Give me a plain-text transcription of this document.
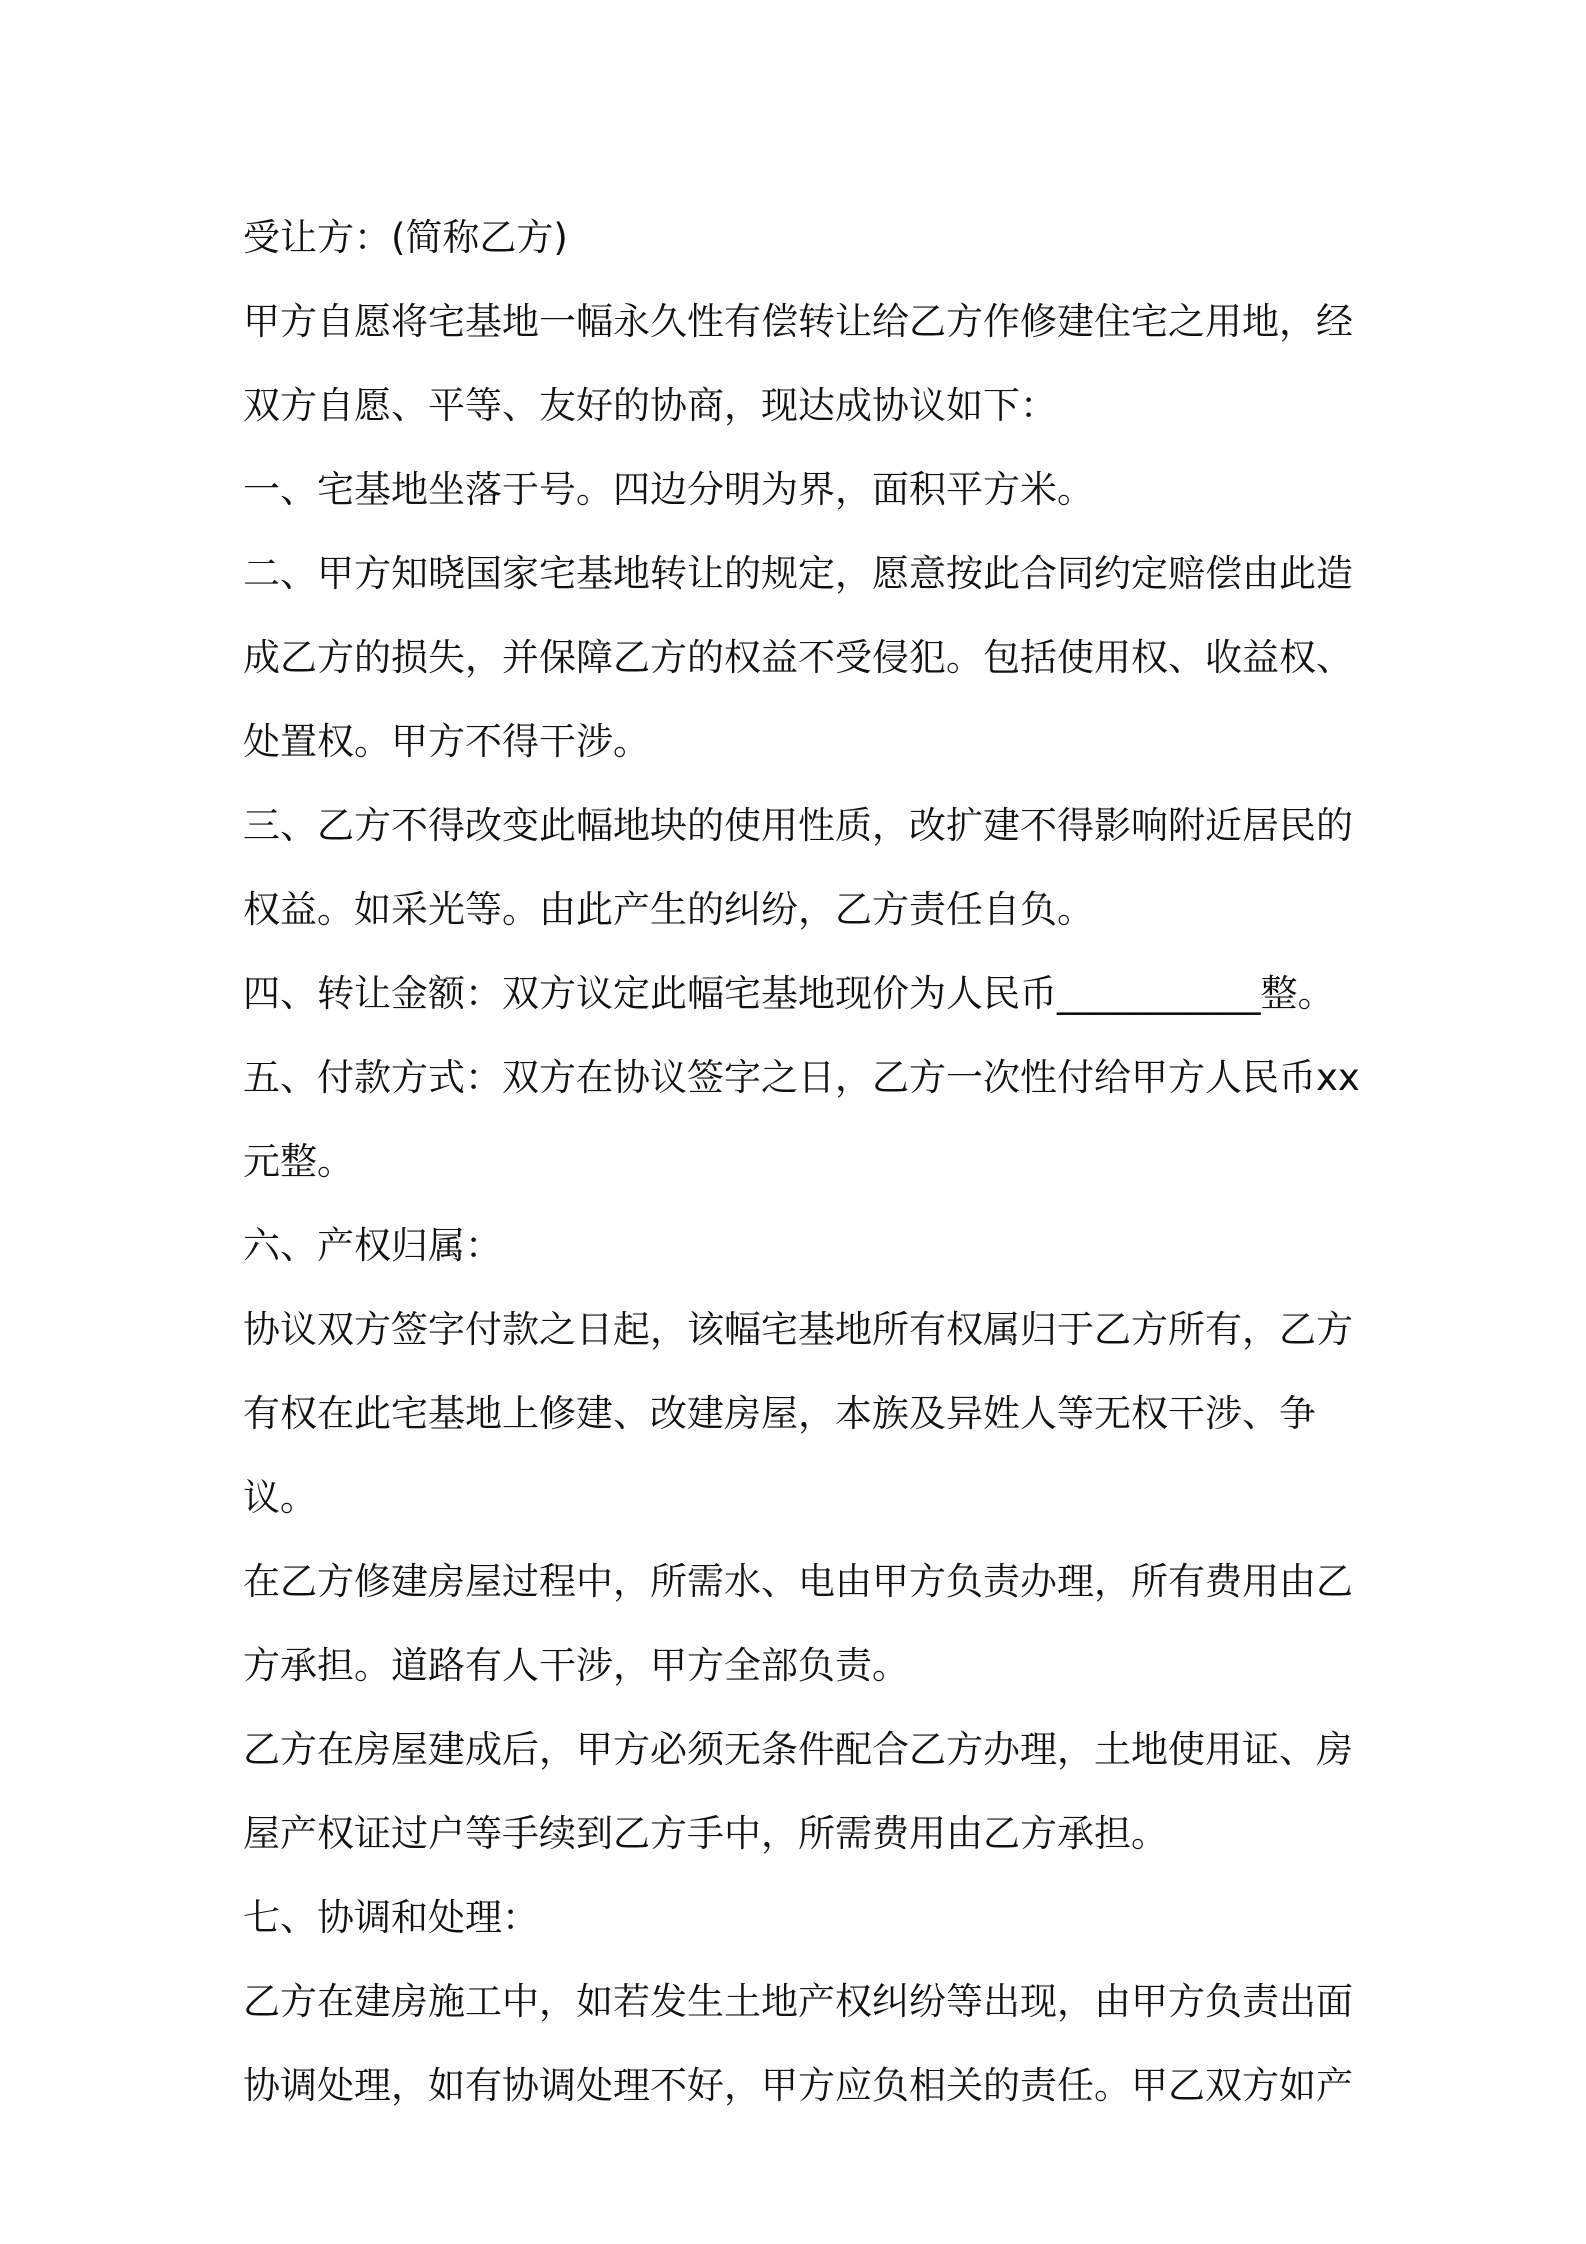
受让方：(简称乙方)

甲方自愿将宅基地一幅永久性有偿转让给乙方作修建住宅之用地，经双方自愿、平等、友好的协商，现达成协议如下：

一、宅基地坐落于号。四边分明为界，面积平方米。

二、甲方知晓国家宅基地转让的规定，愿意按此合同约定赔偿由此造成乙方的损失，并保障乙方的权益不受侵犯。包括使用权、收益权、处置权。甲方不得干涉。

三、乙方不得改变此幅地块的使用性质，改扩建不得影响附近居民的权益。如采光等。由此产生的纠纷，乙方责任自负。

四、转让金额：双方议定此幅宅基地现价为人民币___________整。

五、付款方式：双方在协议签字之日，乙方一次性付给甲方人民币xx 元整。

六、产权归属：

协议双方签字付款之日起，该幅宅基地所有权属归于乙方所有，乙方有权在此宅基地上修建、改建房屋，本族及异姓人等无权干涉、争议。

在乙方修建房屋过程中，所需水、电由甲方负责办理，所有费用由乙方承担。道路有人干涉，甲方全部负责。

乙方在房屋建成后，甲方必须无条件配合乙方办理，土地使用证、房屋产权证过户等手续到乙方手中，所需费用由乙方承担。

七、协调和处理：

乙方在建房施工中，如若发生土地产权纠纷等出现，由甲方负责出面协调处理，如有协调处理不好，甲方应负相关的责任。甲乙双方如产
